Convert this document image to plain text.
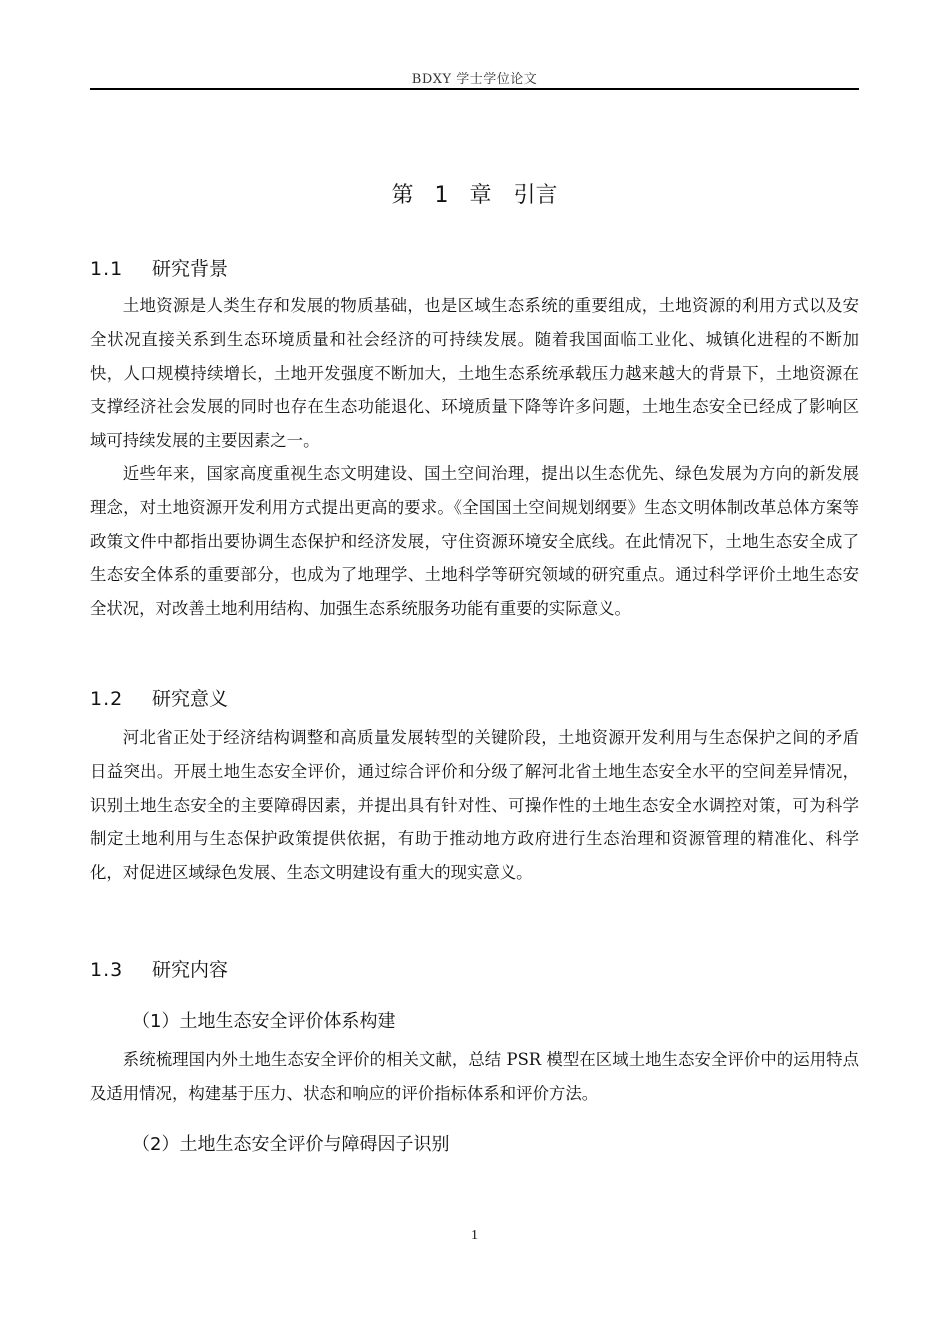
BDXY 学士学位论文
第 1 章　引言
1.1 研究背景

土地资源是人类生存和发展的物质基础，也是区域生态系统的重要组成，土地资源的利用方式以及安全状况直接关系到生态环境质量和社会经济的可持续发展。随着我国面临工业化、城镇化进程的不断加快，人口规模持续增长，土地开发强度不断加大，土地生态系统承载压力越来越大的背景下，土地资源在支撑经济社会发展的同时也存在生态功能退化、环境质量下降等许多问题，土地生态安全已经成了影响区域可持续发展的主要因素之一。

近些年来，国家高度重视生态文明建设、国土空间治理，提出以生态优先、绿色发展为方向的新发展理念，对土地资源开发利用方式提出更高的要求。《全国国土空间规划纲要》生态文明体制改革总体方案等政策文件中都指出要协调生态保护和经济发展，守住资源环境安全底线。在此情况下，土地生态安全成了生态安全体系的重要部分，也成为了地理学、土地科学等研究领域的研究重点。通过科学评价土地生态安全状况，对改善土地利用结构、加强生态系统服务功能有重要的实际意义。

1.2 研究意义

河北省正处于经济结构调整和高质量发展转型的关键阶段，土地资源开发利用与生态保护之间的矛盾日益突出。开展土地生态安全评价，通过综合评价和分级了解河北省土地生态安全水平的空间差异情况，识别土地生态安全的主要障碍因素，并提出具有针对性、可操作性的土地生态安全水调控对策，可为科学制定土地利用与生态保护政策提供依据，有助于推动地方政府进行生态治理和资源管理的精准化、科学化，对促进区域绿色发展、生态文明建设有重大的现实意义。

1.3 研究内容
（1）土地生态安全评价体系构建

系统梳理国内外土地生态安全评价的相关文献，总结 PSR 模型在区域土地生态安全评价中的运用特点及适用情况，构建基于压力、状态和响应的评价指标体系和评价方法。

（2）土地生态安全评价与障碍因子识别
1
